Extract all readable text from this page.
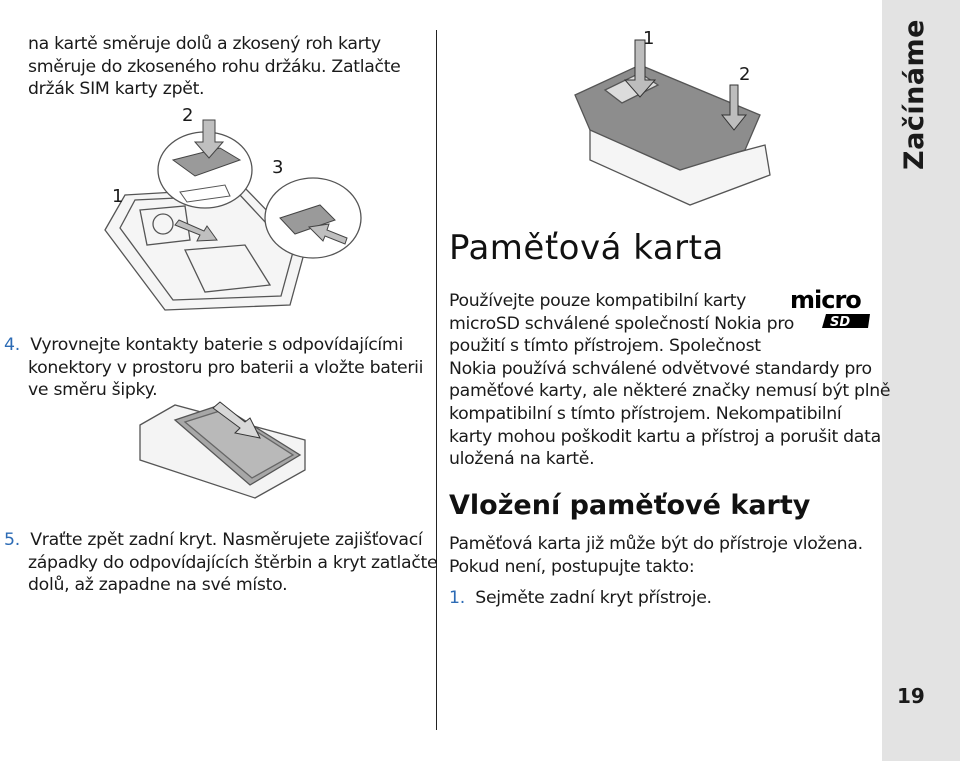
Začínáme
19
na kartě směruje dolů a zkosený roh karty
směruje do zkoseného rohu držáku. Zatlačte
držák SIM karty zpět.
2
3
1
4. Vyrovnejte kontakty baterie s odpovídajícími
konektory v prostoru pro baterii a vložte baterii
ve směru šipky.
5. Vraťte zpět zadní kryt. Nasměrujete zajišťovací
západky do odpovídajících štěrbin a kryt zatlačte
dolů, až zapadne na své místo.
1
2
Paměťová karta
micro
SD
Používejte pouze kompatibilní karty
microSD schválené společností Nokia pro
použití s tímto přístrojem. Společnost
Nokia používá schválené odvětvové standardy pro
paměťové karty, ale některé značky nemusí být plně
kompatibilní s tímto přístrojem. Nekompatibilní
karty mohou poškodit kartu a přístroj a porušit data
uložená na kartě.
Vložení paměťové karty
Paměťová karta již může být do přístroje vložena.
Pokud není, postupujte takto:
1. Sejměte zadní kryt přístroje.
